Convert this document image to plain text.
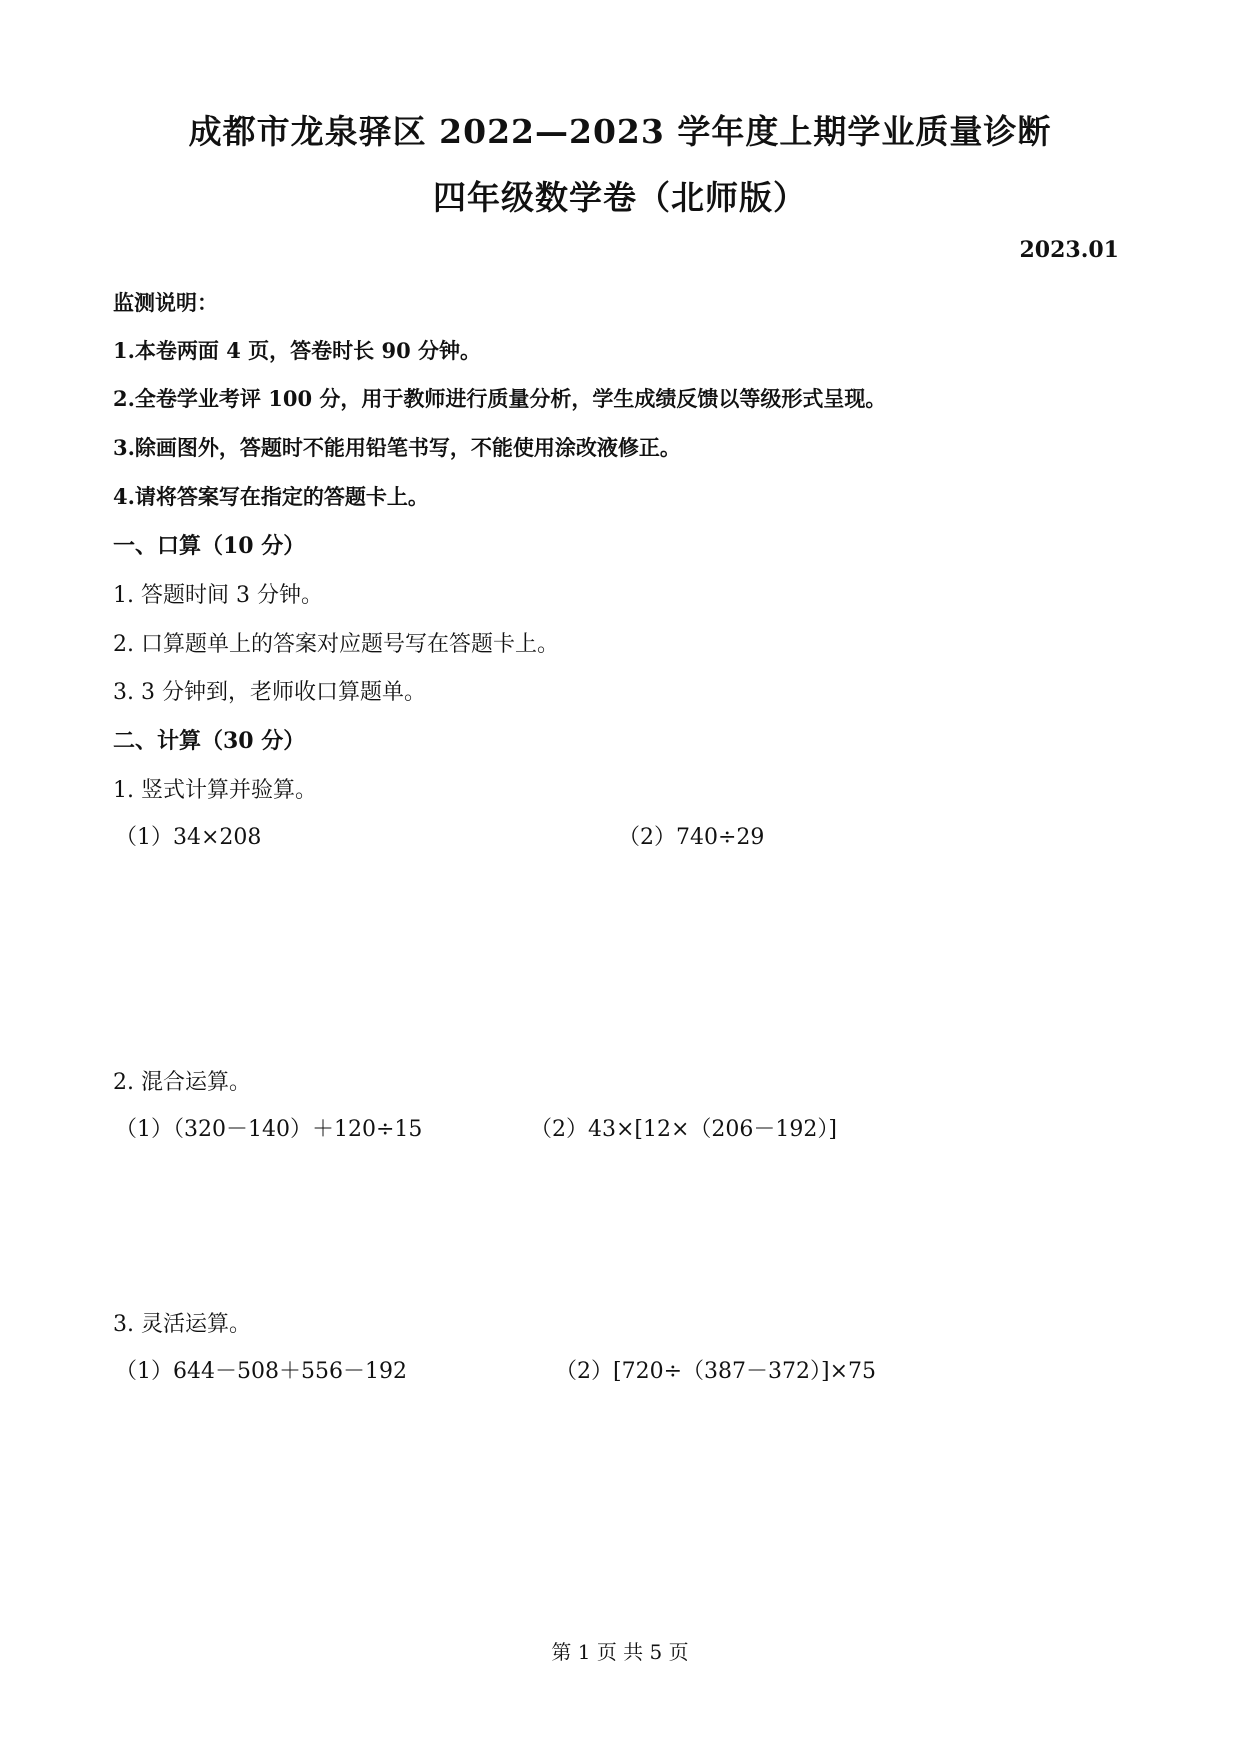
成都市龙泉驿区 2022—2023 学年度上期学业质量诊断
四年级数学卷（北师版）
2023.01
监测说明：
1.本卷两面 4 页，答卷时长 90 分钟。
2.全卷学业考评 100 分，用于教师进行质量分析，学生成绩反馈以等级形式呈现。
3.除画图外，答题时不能用铅笔书写，不能使用涂改液修正。
4.请将答案写在指定的答题卡上。
一、口算（10 分）
1. 答题时间 3 分钟。
2. 口算题单上的答案对应题号写在答题卡上。
3. 3 分钟到，老师收口算题单。
二、计算（30 分）
1. 竖式计算并验算。
（1）34×208	（2）740÷29
2. 混合运算。
（1）（320－140）＋120÷15	（2）43×[12×（206－192）]
3. 灵活运算。
（1）644－508＋556－192	（2）[720÷（387－372）]×75
第 1 页 共 5 页
